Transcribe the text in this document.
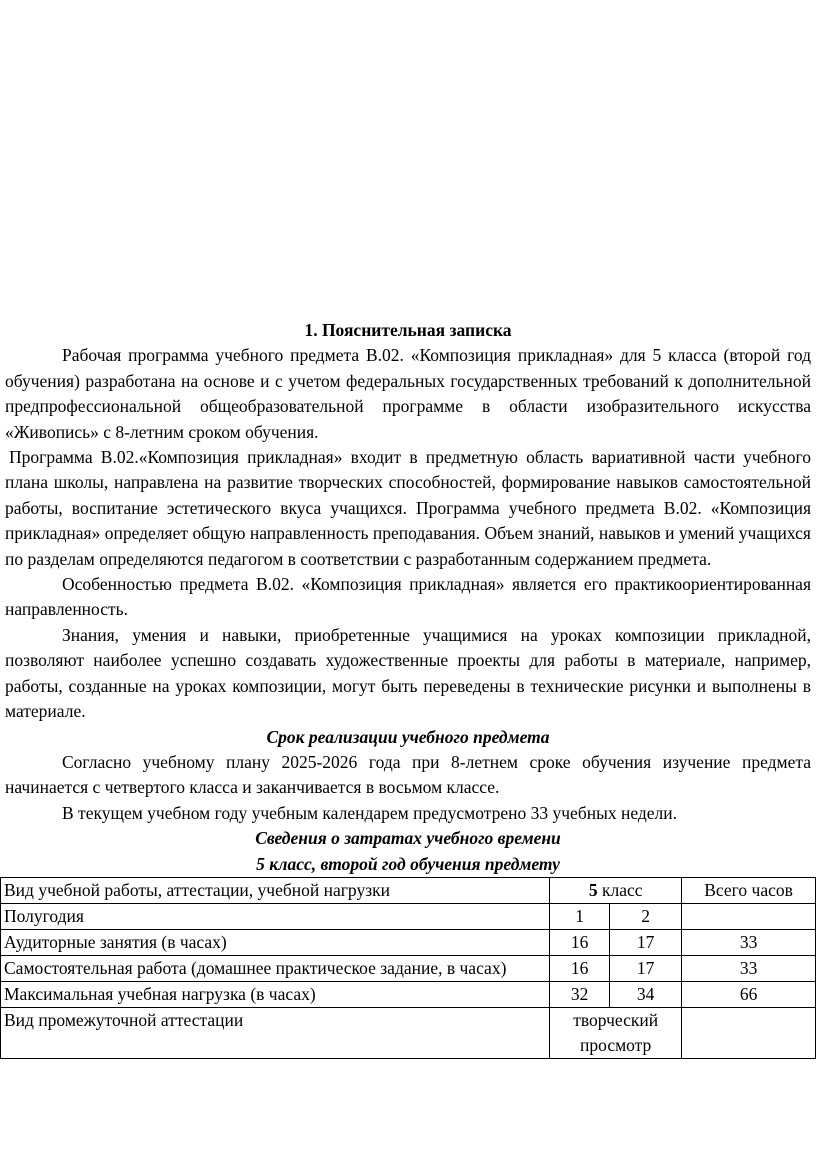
1. Пояснительная записка

Рабочая программа учебного предмета В.02. «Композиция прикладная» для 5 класса (второй год обучения) разработана на основе и с учетом федеральных государственных требований к дополнительной предпрофессиональной общеобразовательной программе в области изобразительного искусства «Живопись» с 8-летним сроком обучения.

Программа В.02.«Композиция прикладная» входит в предметную область вариативной части учебного плана школы, направлена на развитие творческих способностей, формирование навыков самостоятельной работы, воспитание эстетического вкуса учащихся. Программа учебного предмета В.02. «Композиция прикладная» определяет общую направленность преподавания. Объем знаний, навыков и умений учащихся по разделам определяются педагогом в соответствии с разработанным содержанием предмета.

Особенностью предмета В.02. «Композиция прикладная» является его практикоориентированная направленность.

Знания, умения и навыки, приобретенные учащимися на уроках композиции прикладной, позволяют наиболее успешно создавать художественные проекты для работы в материале, например, работы, созданные на уроках композиции, могут быть переведены в технические рисунки и выполнены в материале.

Срок реализации учебного предмета

Согласно учебному плану 2025-2026 года при 8-летнем сроке обучения изучение предмета начинается с четвертого класса и заканчивается в восьмом классе.

В текущем учебном году учебным календарем предусмотрено 33 учебных недели.

Сведения о затратах учебного времени

5 класс, второй год обучения предмету

Вид учебной работы, аттестации, учебной нагрузки	5 класс		Всего часов
Полугодия	1	2	
Аудиторные занятия (в часах)	16	17	33
Самостоятельная работа (домашнее практическое задание, в часах)	16	17	33
Максимальная учебная нагрузка (в часах)	32	34	66
Вид промежуточной аттестации	творческий просмотр		
